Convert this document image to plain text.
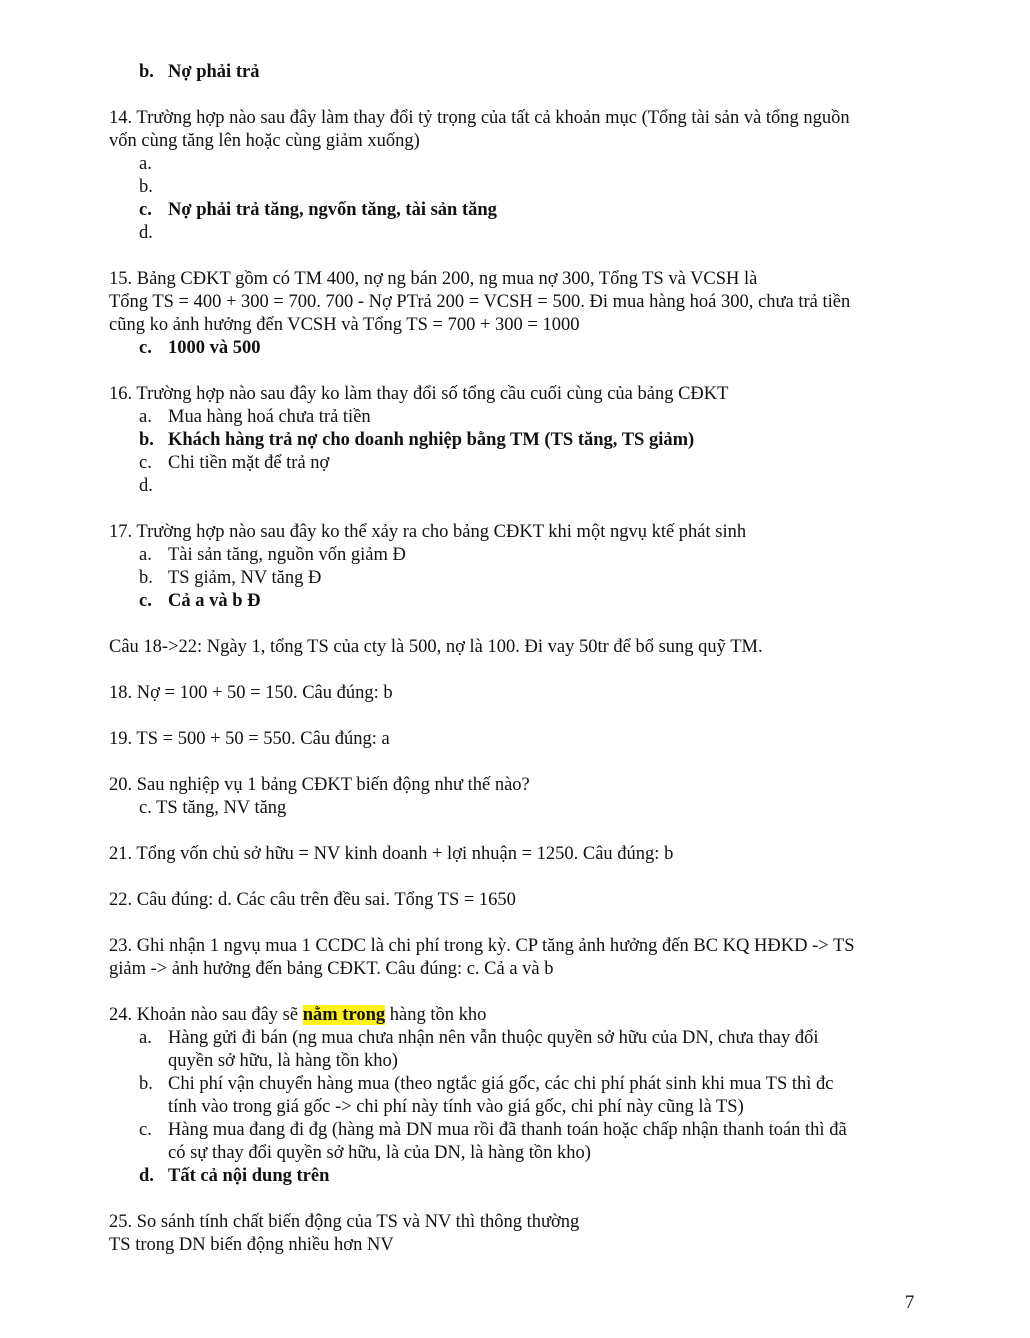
b. Nợ phải trả
14. Trường hợp nào sau đây làm thay đổi tỷ trọng của tất cả khoản mục (Tổng tài sản và tổng nguồn
vốn cùng tăng lên hoặc cùng giảm xuống)
a.
b.
c. Nợ phải trả tăng, ngvốn tăng, tài sản tăng
d.
15. Bảng CĐKT gồm có TM 400, nợ ng bán 200, ng mua nợ 300, Tổng TS và VCSH là
Tổng TS = 400 + 300 = 700. 700 - Nợ PTrả 200 = VCSH = 500. Đi mua hàng hoá 300, chưa trả tiền
cũng ko ảnh hưởng đến VCSH và Tổng TS = 700 + 300 = 1000
c. 1000 và 500
16. Trường hợp nào sau đây ko làm thay đổi số tổng cầu cuối cùng của bảng CĐKT
a. Mua hàng hoá chưa trả tiền
b. Khách hàng trả nợ cho doanh nghiệp bằng TM (TS tăng, TS giảm)
c. Chi tiền mặt để trả nợ
d.
17. Trường hợp nào sau đây ko thể xảy ra cho bảng CĐKT khi một ngvụ ktế phát sinh
a. Tài sản tăng, nguồn vốn giảm Đ
b. TS giảm, NV tăng Đ
c. Cả a và b Đ
Câu 18->22: Ngày 1, tổng TS của cty là 500, nợ là 100. Đi vay 50tr để bổ sung quỹ TM.
18. Nợ = 100 + 50 = 150. Câu đúng: b
19. TS = 500 + 50 = 550. Câu đúng: a
20. Sau nghiệp vụ 1 bảng CĐKT biến động như thế nào?
c. TS tăng, NV tăng
21. Tổng vốn chủ sở hữu = NV kinh doanh + lợi nhuận = 1250. Câu đúng: b
22. Câu đúng: d. Các câu trên đều sai. Tổng TS = 1650
23. Ghi nhận 1 ngvụ mua 1 CCDC là chi phí trong kỳ. CP tăng ảnh hưởng đến BC KQ HĐKD -> TS
giảm -> ảnh hưởng đến bảng CĐKT. Câu đúng: c. Cả a và b
24. Khoản nào sau đây sẽ nằm trong hàng tồn kho
a. Hàng gửi đi bán (ng mua chưa nhận nên vẫn thuộc quyền sở hữu của DN, chưa thay đổi
quyền sở hữu, là hàng tồn kho)
b. Chi phí vận chuyển hàng mua (theo ngtắc giá gốc, các chi phí phát sinh khi mua TS thì đc
tính vào trong giá gốc -> chi phí này tính vào giá gốc, chi phí này cũng là TS)
c. Hàng mua đang đi đg (hàng mà DN mua rồi đã thanh toán hoặc chấp nhận thanh toán thì đã
có sự thay đổi quyền sở hữu, là của DN, là hàng tồn kho)
d. Tất cả nội dung trên
25. So sánh tính chất biến động của TS và NV thì thông thường
TS trong DN biến động nhiều hơn NV
7
